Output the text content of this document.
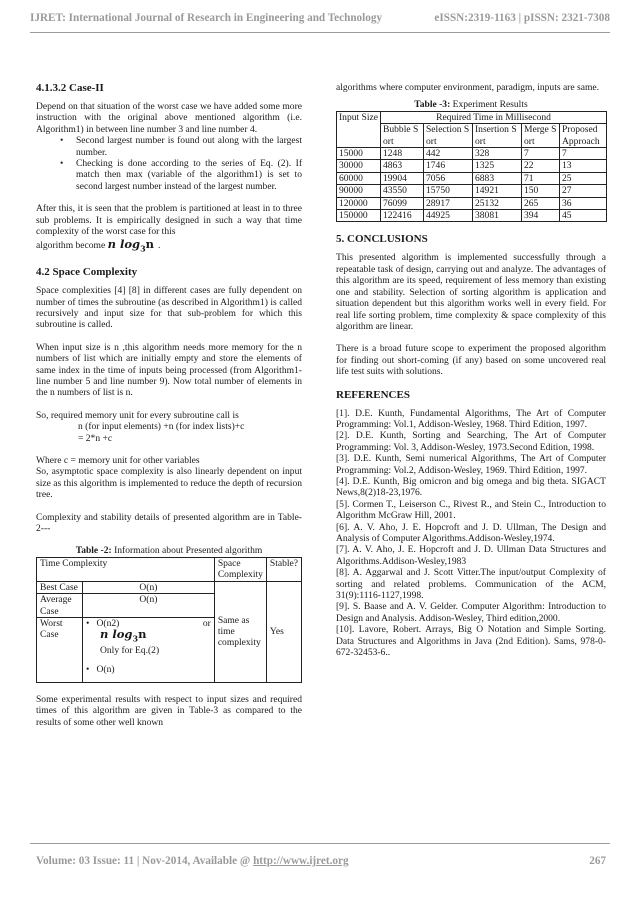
IJRET: International Journal of Research in Engineering and Technology	eISSN:2319-1163 | pISSN: 2321-7308
4.1.3.2 Case-II

Depend on that situation of the worst case we have added some more instruction with the original above mentioned algorithm (i.e. Algorithm1) in between line number 3 and line number 4.

• Second largest number is found out along with the largest number.
• Checking is done according to the series of Eq. (2). If match then max (variable of the algorithm1) is set to second largest number instead of the largest number.

After this, it is seen that the problem is partitioned at least in to three sub problems. It is empirically designed in such a way that time complexity of the worst case for this

algorithm become n $\log_3n$ .

4.2 Space Complexity

Space complexities [4] [8] in different cases are fully dependent on number of times the subroutine (as described in Algorithm1) is called recursively and input size for that sub-problem for which this subroutine is called.

When input size is n ,this algorithm needs more memory for the n numbers of list which are initially empty and store the elements of same index in the time of inputs being processed (from Algorithm1-line number 5 and line number 9). Now total number of elements in the n numbers of list is n.

So, required memory unit for every subroutine call is

n (for input elements) +n (for index lists)+c

= 2*n +c

Where c = memory unit for other variables

So, asymptotic space complexity is also linearly dependent on input size as this algorithm is implemented to reduce the depth of recursion tree.

Complexity and stability details of presented algorithm are in Table-2---

Table -2: Information about Presented algorithm

Time Complexity		Space Complexity	Stable?
Best Case	O(n)	Same as time complexity	Yes
Average Case	O(n)		
Worst Case	•   O(n2) or
n $\log_3n$
Only for Eq.(2)
•   O(n)		

Some experimental results with respect to input sizes and required times of this algorithm are given in Table-3 as compared to the results of some other well known

algorithms where computer environment, paradigm, inputs are same.

Table -3: Experiment Results

Input Size	Required Time in Millisecond				
	Bubble Sort	Selection Sort	Insertion Sort	Merge Sort	Proposed Approach
15000	1248	442	328	7	7
30000	4863	1746	1325	22	13
60000	19904	7056	6883	71	25
90000	43550	15750	14921	150	27
120000	76099	28917	25132	265	36
150000	122416	44925	38081	394	45
5. CONCLUSIONS

This presented algorithm is implemented successfully through a repeatable task of design, carrying out and analyze. The advantages of this algorithm are its speed, requirement of less memory than existing one and stability. Selection of sorting algorithm is application and situation dependent but this algorithm works well in every field. For real life sorting problem, time complexity & space complexity of this algorithm are linear.

There is a broad future scope to experiment the proposed algorithm for finding out short-coming (if any) based on some uncovered real life test suits with solutions.

REFERENCES

[1]. D.E. Kunth, Fundamental Algorithms, The Art of Computer Programming: Vol.1, Addison-Wesley, 1968. Third Edition, 1997.

[2]. D.E. Kunth, Sorting and Searching, The Art of Computer Programming: Vol. 3, Addison-Wesley, 1973.Second Edition, 1998.

[3]. D.E. Kunth, Semi numerical Algorithms, The Art of Computer Programming: Vol.2, Addison-Wesley, 1969. Third Edition, 1997.

[4]. D.E. Kunth, Big omicron and big omega and big theta. SIGACT News,8(2)18-23,1976.

[5]. Cormen T., Leiserson C., Rivest R., and Stein C., Introduction to Algorithm McGraw Hill, 2001.

[6]. A. V. Aho, J. E. Hopcroft and J. D. Ullman, The Design and Analysis of Computer Algorithms.Addison-Wesley,1974.

[7]. A. V. Aho, J. E. Hopcroft and J. D. Ullman Data Structures and Algorithms.Addison-Wesley,1983

[8]. A. Aggarwal and J. Scott Vitter.The input/output Complexity of sorting and related problems. Communication of the ACM, 31(9):1116-1127,1998.

[9]. S. Baase and A. V. Gelder. Computer Algorithm: Introduction to Design and Analysis. Addison-Wesley, Third edition,2000.

[10]. Lavore, Robert. Arrays, Big O Notation and Simple Sorting. Data Structures and Algorithms in Java (2nd Edition). Sams, 978-0-672-32453-6..

Volume: 03 Issue: 11 | Nov-2014, Available @ http://www.ijret.org	267
